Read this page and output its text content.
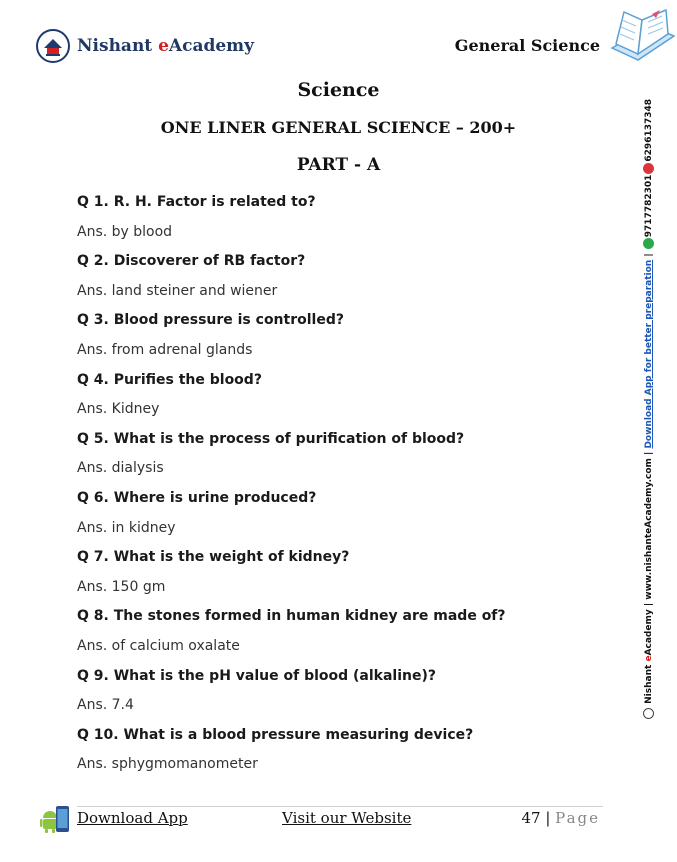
Nishant eAcademy	General Science
Science
ONE LINER GENERAL SCIENCE – 200+
PART - A
Q 1. R. H. Factor is related to?
Ans. by blood
Q 2. Discoverer of RB factor?
Ans. land steiner and wiener
Q 3. Blood pressure is controlled?
Ans. from adrenal glands
Q 4. Purifies the blood?
Ans. Kidney
Q 5. What is the process of purification of blood?
Ans. dialysis
Q 6. Where is urine produced?
Ans. in kidney
Q 7. What is the weight of kidney?
Ans. 150 gm
Q 8. The stones formed in human kidney are made of?
Ans. of calcium oxalate
Q 9. What is the pH value of blood (alkaline)?
Ans. 7.4
Q 10. What is a blood pressure measuring device?
Ans. sphygmomanometer
Nishant eAcademy | www.nishanteAcademy.com | Download App for better preparation | 97177823016296137348
Download App	Visit our Website	47 | Page
